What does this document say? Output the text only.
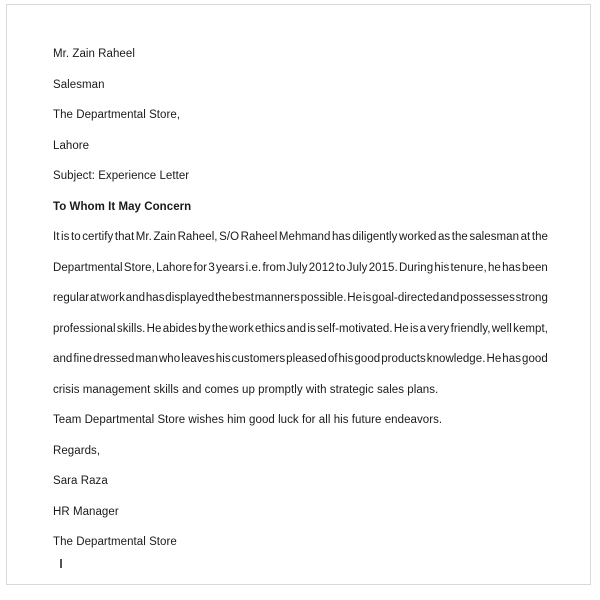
Mr. Zain Raheel
Salesman
The Departmental Store,
Lahore
Subject: Experience Letter
To Whom It May Concern
It is to certify that Mr. Zain Raheel, S/O Raheel Mehmand has diligently worked as the salesman at the
Departmental Store, Lahore for 3 years i.e. from July 2012 to July 2015. During his tenure, he has been
regular at work and has displayed the best manners possible. He is goal-directed and possesses strong
professional skills. He abides by the work ethics and is self-motivated. He is a very friendly, well kempt,
and fine dressed man who leaves his customers pleased of his good products knowledge. He has good
crisis management skills and comes up promptly with strategic sales plans.
Team Departmental Store wishes him good luck for all his future endeavors.
Regards,
Sara Raza
HR Manager
The Departmental Store
